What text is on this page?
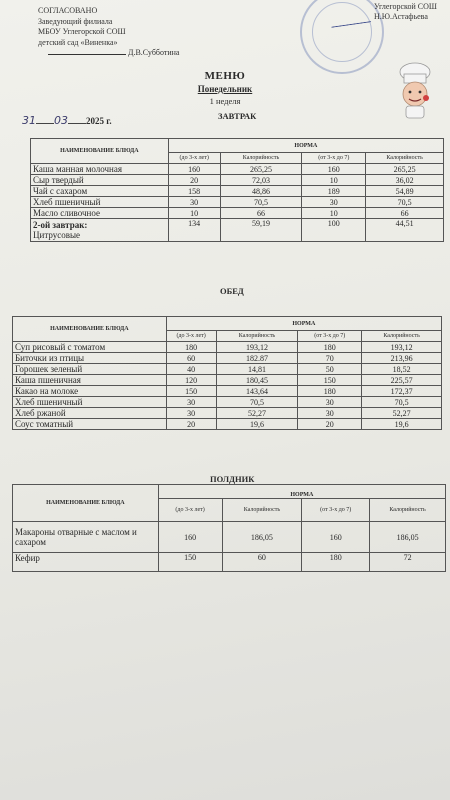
СОГЛАСОВАНО
Заведующий филиала
МБОУ Углегорской СОШ
детский сад «Виненка»
Д.В.Субботина
Углегорской СОШ
Н.Ю.Астафьева
МЕНЮ
Понедельник
1 неделя
31 03 2025 г.	ЗАВТРАК
НАИМЕНОВАНИЕ БЛЮДА	НОРМА			
	(до 3-х лет)	Калорийность	(от 3-х до 7)	Калорийность
Каша манная молочная	160	265,25	160	265,25
Сыр твердый	20	72,03	10	36,02
Чай с сахаром	158	48,86	189	54,89
Хлеб пшеничный	30	70,5	30	70,5
Масло сливочное	10	66	10	66
2-ой завтрак:
Цитрусовые	134	59,19	100	44,51
ОБЕД
НАИМЕНОВАНИЕ БЛЮДА	НОРМА			
	(до 3-х лет)	Калорийность	(от 3-х до 7)	Калорийность
Суп рисовый с томатом	180	193,12	180	193,12
Биточки из птицы	60	182.87	70	213,96
Горошек зеленый	40	14,81	50	18,52
Каша пшеничная	120	180,45	150	225,57
Какао на молоке	150	143,64	180	172,37
Хлеб пшеничный	30	70,5	30	70,5
Хлеб ржаной	30	52,27	30	52,27
Соус томатный	20	19,6	20	19,6
ПОЛДНИК
НАИМЕНОВАНИЕ БЛЮДА	НОРМА			
	(до 3-х лет)	Калорийность	(от 3-х до 7)	Калорийность
Макароны отварные с маслом и сахаром	160	186,05	160	186,05
Кефир	150	60	180	72
